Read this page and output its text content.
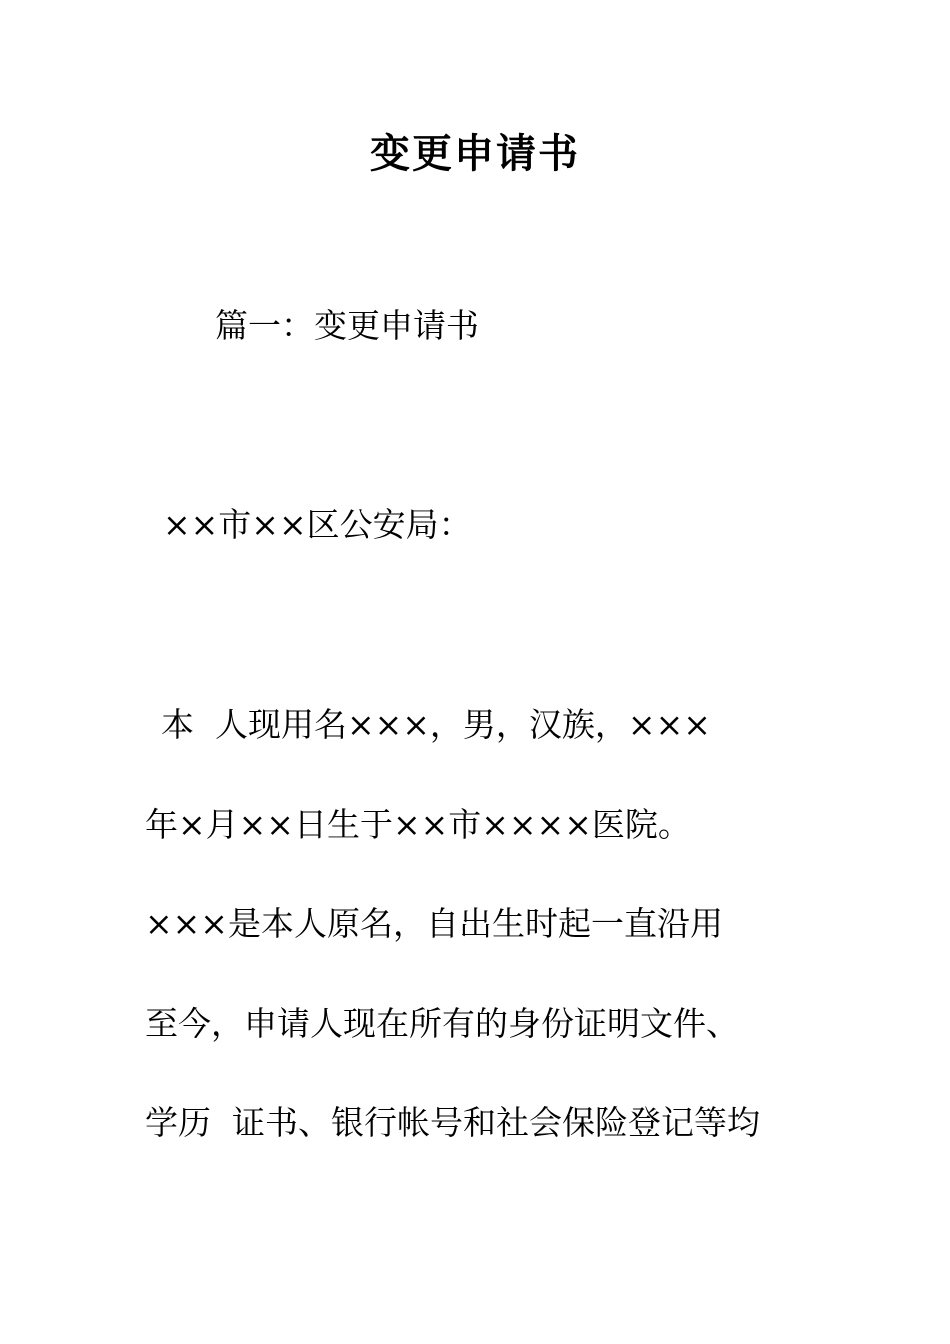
变更申请书

篇一：变更申请书

××市××区公安局：

本  人现用名×××，男，汉族，×××

年×月××日生于××市××××医院。

×××是本人原名，自出生时起一直沿用

至今，申请人现在所有的身份证明文件、

学历  证书、银行帐号和社会保险登记等均
